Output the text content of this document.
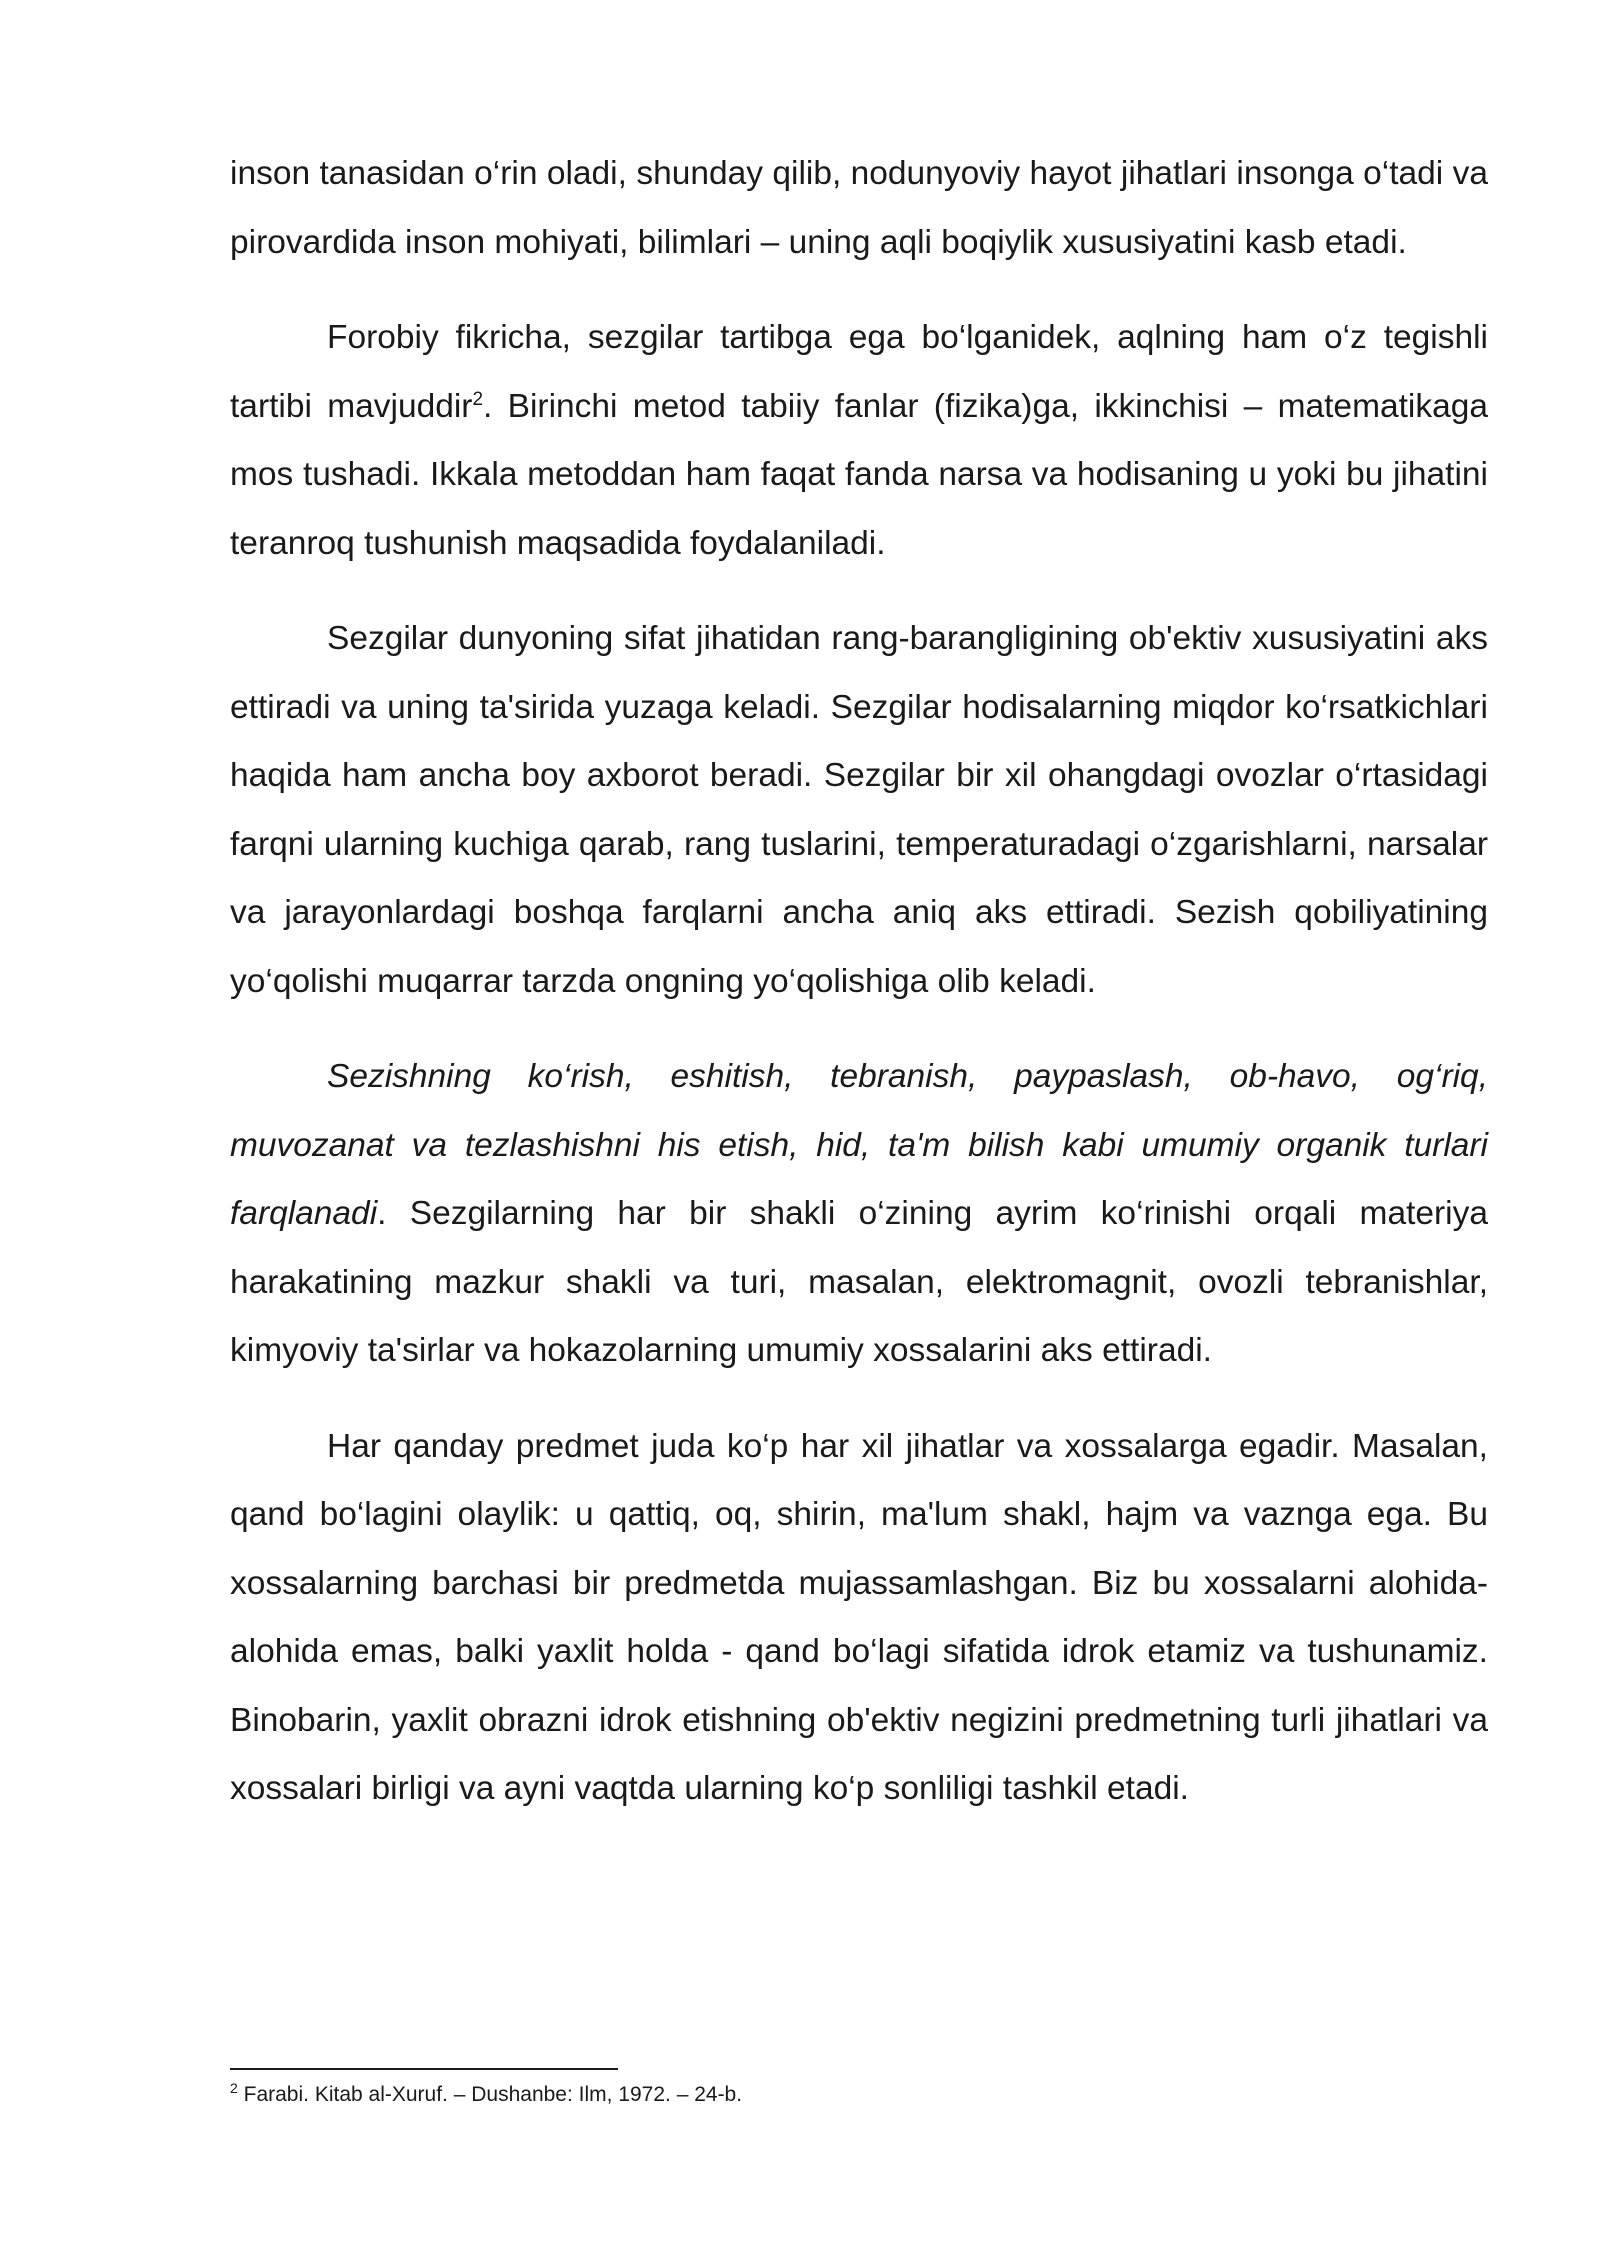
inson tanasidan o‘rin oladi, shunday qilib, nodunyoviy hayot jihatlari insonga o‘tadi va pirovardida inson mohiyati, bilimlari – uning aqli boqiylik xususiyatini kasb etadi.

Forobiy fikricha, sezgilar tartibga ega bo‘lganidek, aqlning ham o‘z tegishli tartibi mavjuddir$^2$. Birinchi metod tabiiy fanlar (fizika)ga, ikkinchisi – matematikaga mos tushadi. Ikkala metoddan ham faqat fanda narsa va hodisaning u yoki bu jihatini teranroq tushunish maqsadida foydalaniladi.

Sezgilar dunyoning sifat jihatidan rang-barangligining ob'ektiv xususiyatini aks ettiradi va uning ta'sirida yuzaga keladi. Sezgilar hodisalarning miqdor ko‘rsatkichlari haqida ham ancha boy axborot beradi. Sezgilar bir xil ohangdagi ovozlar o‘rtasidagi farqni ularning kuchiga qarab, rang tuslarini, temperaturadagi o‘zgarishlarni, narsalar va jarayonlardagi boshqa farqlarni ancha aniq aks ettiradi. Sezish qobiliyatining yo‘qolishi muqarrar tarzda ongning yo‘qolishiga olib keladi.

Sezishning ko‘rish, eshitish, tebranish, paypaslash, ob-havo, og‘riq, muvozanat va tezlashishni his etish, hid, ta'm bilish kabi umumiy organik turlari farqlanadi. Sezgilarning har bir shakli o‘zining ayrim ko‘rinishi orqali materiya harakatining mazkur shakli va turi, masalan, elektromagnit, ovozli tebranishlar, kimyoviy ta'sirlar va hokazolarning umumiy xossalarini aks ettiradi.

Har qanday predmet juda ko‘p har xil jihatlar va xossalarga egadir. Masalan, qand bo‘lagini olaylik: u qattiq, oq, shirin, ma'lum shakl, hajm va vaznga ega. Bu xossalarning barchasi bir predmetda mujassamlashgan. Biz bu xossalarni alohida-alohida emas, balki yaxlit holda - qand bo‘lagi sifatida idrok etamiz va tushunamiz. Binobarin, yaxlit obrazni idrok etishning ob'ektiv negizini predmetning turli jihatlari va xossalari birligi va ayni vaqtda ularning ko‘p sonliligi tashkil etadi.

$^2$ Farabi. Kitab al-Xuruf. – Dushanbe: Ilm, 1972. – 24-b.
